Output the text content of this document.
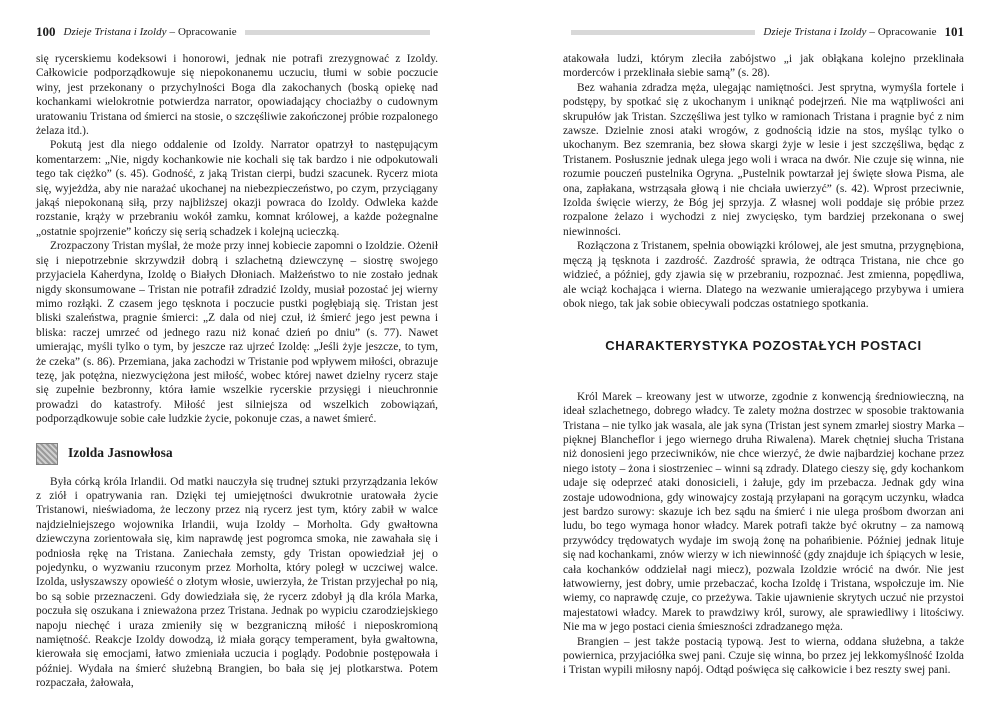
100 Dzieje Tristana i Izoldy – Opracowanie

się rycerskiemu kodeksowi i honorowi, jednak nie potrafi zrezygnować z Izoldy. Całkowicie podporządkowuje się niepokonanemu uczuciu, tłumi w sobie poczucie winy, jest przekonany o przychylności Boga dla zakochanych (boską opiekę nad kochankami wielokrotnie potwierdza narrator, opowiadający chociażby o cudownym uratowaniu Tristana od śmierci na stosie, o szczęśliwie zakończonej próbie rozpalonego żelaza itd.).

Pokutą jest dla niego oddalenie od Izoldy. Narrator opatrzył to następującym komentarzem: „Nie, nigdy kochankowie nie kochali się tak bardzo i nie odpokutowali tego tak ciężko” (s. 45). Godność, z jaką Tristan cierpi, budzi szacunek. Rycerz miota się, wyjeżdża, aby nie narażać ukochanej na niebezpieczeństwo, po czym, przyciągany jakąś niepokonaną siłą, przy najbliższej okazji powraca do Izoldy. Odwleka każde rozstanie, krąży w przebraniu wokół zamku, komnat królowej, a każde pożegnalne „ostatnie spojrzenie” kończy się serią schadzek i kolejną ucieczką.

Zrozpaczony Tristan myślał, że może przy innej kobiecie zapomni o Izoldzie. Ożenił się i niepotrzebnie skrzywdził dobrą i szlachetną dziewczynę – siostrę swojego przyjaciela Kaherdyna, Izoldę o Białych Dłoniach. Małżeństwo to nie zostało jednak nigdy skonsumowane – Tristan nie potrafił zdradzić Izoldy, musiał pozostać jej wierny mimo rozłąki. Z czasem jego tęsknota i poczucie pustki pogłębiają się. Tristan jest bliski szaleństwa, pragnie śmierci: „Z dala od niej czuł, iż śmierć jego jest pewna i bliska: raczej umrzeć od jednego razu niż konać dzień po dniu” (s. 77). Nawet umierając, myśli tylko o tym, by jeszcze raz ujrzeć Izoldę: „Jeśli żyje jeszcze, to tym, że czeka” (s. 86). Przemiana, jaka zachodzi w Tristanie pod wpływem miłości, obrazuje tezę, jak potężna, niezwyciężona jest miłość, wobec której nawet dzielny rycerz staje się zupełnie bezbronny, która łamie wszelkie rycerskie przysięgi i nieuchronnie prowadzi do katastrofy. Miłość jest silniejsza od wszelkich zobowiązań, podporządkowuje sobie całe ludzkie życie, pokonuje czas, a nawet śmierć.

Izolda Jasnowłosa

Była córką króla Irlandii. Od matki nauczyła się trudnej sztuki przyrządzania leków z ziół i opatrywania ran. Dzięki tej umiejętności dwukrotnie uratowała życie Tristanowi, nieświadoma, że leczony przez nią rycerz jest tym, który zabił w walce najdzielniejszego wojownika Irlandii, wuja Izoldy – Morholta. Gdy gwałtowna dziewczyna zorientowała się, kim naprawdę jest pogromca smoka, nie zawahała się i podniosła rękę na Tristana. Zaniechała zemsty, gdy Tristan opowiedział jej o pojedynku, o wyzwaniu rzuconym przez Morholta, który poległ w uczciwej walce. Izolda, usłyszawszy opowieść o złotym włosie, uwierzyła, że Tristan przyjechał po nią, bo są sobie przeznaczeni. Gdy dowiedziała się, że rycerz zdobył ją dla króla Marka, poczuła się oszukana i znieważona przez Tristana. Jednak po wypiciu czarodziejskiego napoju niechęć i uraza zmieniły się w bezgraniczną miłość i nieposkromioną namiętność. Reakcje Izoldy dowodzą, iż miała gorący temperament, była gwałtowna, kierowała się emocjami, łatwo zmieniała uczucia i poglądy. Podobnie postępowała i później. Wydała na śmierć służebną Brangien, bo bała się jej plotkarstwa. Potem rozpaczała, żałowała,

Dzieje Tristana i Izoldy – Opracowanie 101

atakowała ludzi, którym zleciła zabójstwo „i jak obłąkana kolejno przeklinała morderców i przeklinała siebie samą” (s. 28).

Bez wahania zdradza męża, ulegając namiętności. Jest sprytna, wymyśla fortele i podstępy, by spotkać się z ukochanym i uniknąć podejrzeń. Nie ma wątpliwości ani skrupułów jak Tristan. Szczęśliwa jest tylko w ramionach Tristana i pragnie być z nim zawsze. Dzielnie znosi ataki wrogów, z godnością idzie na stos, myśląc tylko o ukochanym. Bez szemrania, bez słowa skargi żyje w lesie i jest szczęśliwa, będąc z Tristanem. Posłusznie jednak ulega jego woli i wraca na dwór. Nie czuje się winna, nie rozumie pouczeń pustelnika Ogryna. „Pustelnik powtarzał jej święte słowa Pisma, ale ona, zapłakana, wstrząsała głową i nie chciała uwierzyć” (s. 42). Wprost przeciwnie, Izolda święcie wierzy, że Bóg jej sprzyja. Z własnej woli poddaje się próbie przez rozpalone żelazo i wychodzi z niej zwycięsko, tym bardziej przekonana o swej niewinności.

Rozłączona z Tristanem, spełnia obowiązki królowej, ale jest smutna, przygnębiona, męczą ją tęsknota i zazdrość. Zazdrość sprawia, że odtrąca Tristana, nie chce go widzieć, a później, gdy zjawia się w przebraniu, rozpoznać. Jest zmienna, popędliwa, ale wciąż kochająca i wierna. Dlatego na wezwanie umierającego przybywa i umiera obok niego, tak jak sobie obiecywali podczas ostatniego spotkania.

CHARAKTERYSTYKA POZOSTAŁYCH POSTACI

Król Marek – kreowany jest w utworze, zgodnie z konwencją średniowieczną, na ideał szlachetnego, dobrego władcy. Te zalety można dostrzec w sposobie traktowania Tristana – nie tylko jak wasala, ale jak syna (Tristan jest synem zmarłej siostry Marka – pięknej Blancheflor i jego wiernego druha Riwalena). Marek chętniej słucha Tristana niż donosieni jego przeciwników, nie chce wierzyć, że dwie najbardziej kochane przez niego istoty – żona i siostrzeniec – winni są zdrady. Dlatego cieszy się, gdy kochankom udaje się odeprzeć ataki donosicieli, i żałuje, gdy im przebacza. Jednak gdy wina zostaje udowodniona, gdy winowajcy zostają przyłapani na gorącym uczynku, władca jest bardzo surowy: skazuje ich bez sądu na śmierć i nie ulega prośbom dworzan ani ludu, bo tego wymaga honor władcy. Marek potrafi także być okrutny – za namową przywódcy trędowatych wydaje im swoją żonę na pohańbienie. Później jednak lituje się nad kochankami, znów wierzy w ich niewinność (gdy znajduje ich śpiących w lesie, cała kochanków oddzielał nagi miecz), pozwala Izoldzie wrócić na dwór. Nie jest łatwowierny, jest dobry, umie przebaczać, kocha Izoldę i Tristana, wspołczuje im. Nie wiemy, co naprawdę czuje, co przeżywa. Takie ujawnienie skrytych uczuć nie przystoi majestatowi władcy. Marek to prawdziwy król, surowy, ale sprawiedliwy i litościwy. Nie ma w jego postaci cienia śmieszności zdradzanego męża.

Brangien – jest także postacią typową. Jest to wierna, oddana służebna, a także powiernica, przyjaciółka swej pani. Czuje się winna, bo przez jej lekkomyślność Izolda i Tristan wypili miłosny napój. Odtąd poświęca się całkowicie i bez reszty swej pani.
